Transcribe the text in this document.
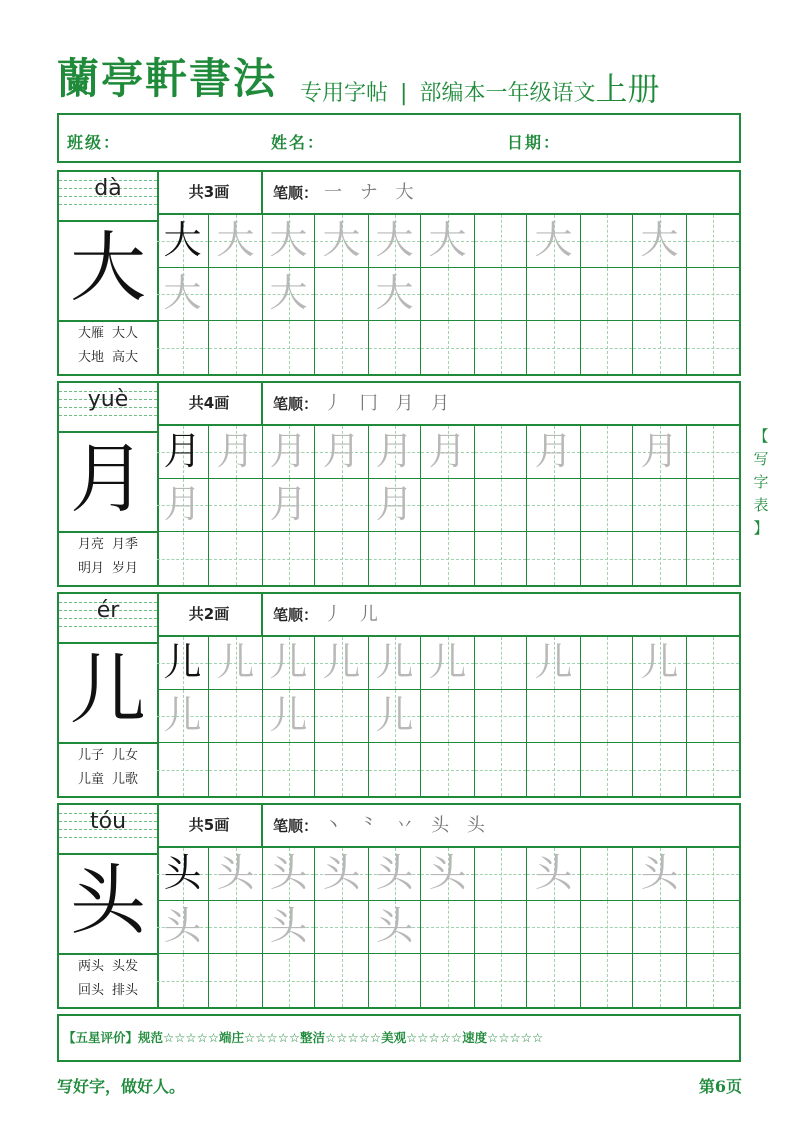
蘭亭軒書法 专用字帖 | 部编本一年级语文上册
班级：	姓名：	日期：
dà
大
大雁 大人
大地 高大
共3画	笔顺： 一 ナ 大
大 大 大 大 大 大 大 大
大 大 大
yuè
月
月亮 月季
明月 岁月
共4画	笔顺： 丿 冂 月 月
月 月 月 月 月 月 月 月
月 月 月
ér
儿
儿子 儿女
儿童 儿歌
共2画	笔顺： 丿 儿
儿 儿 儿 儿 儿 儿 儿 儿
儿 儿 儿
tóu
头
两头 头发
回头 排头
共5画	笔顺： 丶 ⺀ 丷 头 头
头 头 头 头 头 头 头 头
头 头 头
【
写
字
表
】
【五星评价】规范☆☆☆☆☆端庄☆☆☆☆☆整洁☆☆☆☆☆美观☆☆☆☆☆速度☆☆☆☆☆
写好字，做好人。	第6页
